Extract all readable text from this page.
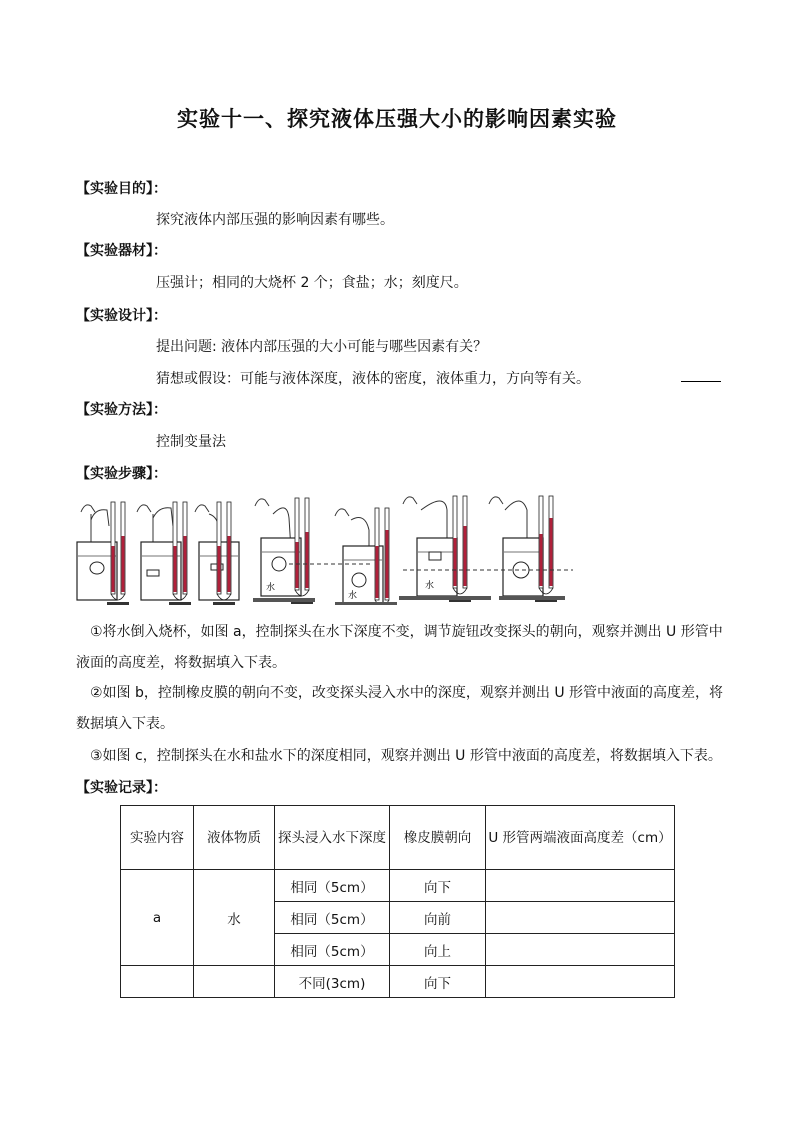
实验十一、探究液体压强大小的影响因素实验
【实验目的】：
探究液体内部压强的影响因素有哪些。
【实验器材】：
压强计；相同的大烧杯 2 个；食盐；水；刻度尺。
【实验设计】：
提出问题: 液体内部压强的大小可能与哪些因素有关？
猜想或假设：可能与液体深度，液体的密度，液体重力，方向等有关。
【实验方法】：
控制变量法
【实验步骤】：
水
水
水
①将水倒入烧杯，如图 a，控制探头在水下深度不变，调节旋钮改变探头的朝向，观察并测出 U 形管中液面的高度差，将数据填入下表。
②如图 b，控制橡皮膜的朝向不变，改变探头浸入水中的深度，观察并测出 U 形管中液面的高度差，将数据填入下表。
③如图 c，控制探头在水和盐水下的深度相同，观察并测出 U 形管中液面的高度差，将数据填入下表。
【实验记录】：
实验内容	液体物质	探头浸入水下深度	橡皮膜朝向	U 形管两端液面高度差（cm）
a	水	相同（5cm）	向下	
		相同（5cm）	向前	
		相同（5cm）	向上	
		不同(3cm)	向下	
